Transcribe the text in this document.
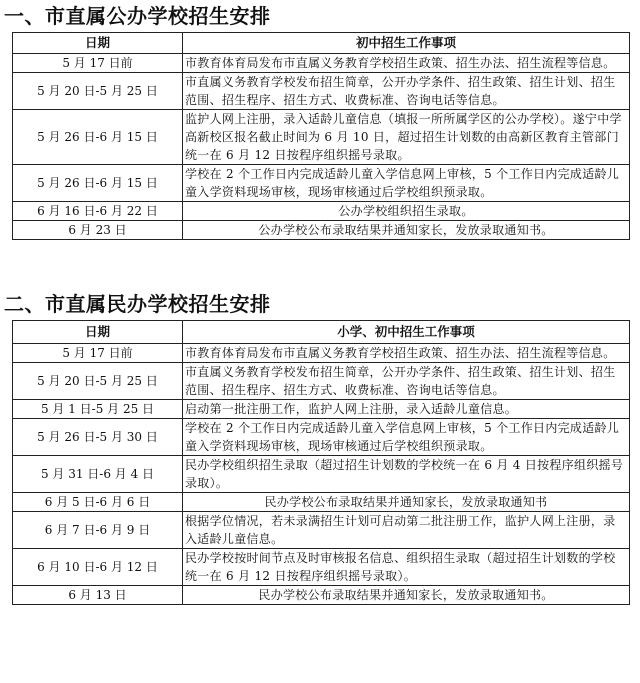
一、市直属公办学校招生安排
日期	初中招生工作事项
5 月 17 日前	市教育体育局发布市直属义务教育学校招生政策、招生办法、招生流程等信息。
5 月 20 日-5 月 25 日	市直属义务教育学校发布招生简章，公开办学条件、招生政策、招生计划、招生范围、招生程序、招生方式、收费标准、咨询电话等信息。
5 月 26 日-6 月 15 日	监护人网上注册，录入适龄儿童信息（填报一所所属学区的公办学校）。遂宁中学高新校区报名截止时间为 6 月 10 日，超过招生计划数的由高新区教育主管部门统一在 6 月 12 日按程序组织摇号录取。
5 月 26 日-6 月 15 日	学校在 2 个工作日内完成适龄儿童入学信息网上审核，5 个工作日内完成适龄儿童入学资料现场审核，现场审核通过后学校组织预录取。
6 月 16 日-6 月 22 日	公办学校组织招生录取。
6 月 23 日	公办学校公布录取结果并通知家长，发放录取通知书。
二、市直属民办学校招生安排
日期	小学、初中招生工作事项
5 月 17 日前	市教育体育局发布市直属义务教育学校招生政策、招生办法、招生流程等信息。
5 月 20 日-5 月 25 日	市直属义务教育学校发布招生简章，公开办学条件、招生政策、招生计划、招生范围、招生程序、招生方式、收费标准、咨询电话等信息。
5 月 1 日-5 月 25 日	启动第一批注册工作，监护人网上注册，录入适龄儿童信息。
5 月 26 日-5 月 30 日	学校在 2 个工作日内完成适龄儿童入学信息网上审核，5 个工作日内完成适龄儿童入学资料现场审核，现场审核通过后学校组织预录取。
5 月 31 日-6 月 4 日	民办学校组织招生录取（超过招生计划数的学校统一在 6 月 4 日按程序组织摇号录取）。
6 月 5 日-6 月 6 日	民办学校公布录取结果并通知家长，发放录取通知书
6 月 7 日-6 月 9 日	根据学位情况，若未录满招生计划可启动第二批注册工作，监护人网上注册，录入适龄儿童信息。
6 月 10 日-6 月 12 日	民办学校按时间节点及时审核报名信息、组织招生录取（超过招生计划数的学校统一在 6 月 12 日按程序组织摇号录取）。
6 月 13 日	民办学校公布录取结果并通知家长，发放录取通知书。
